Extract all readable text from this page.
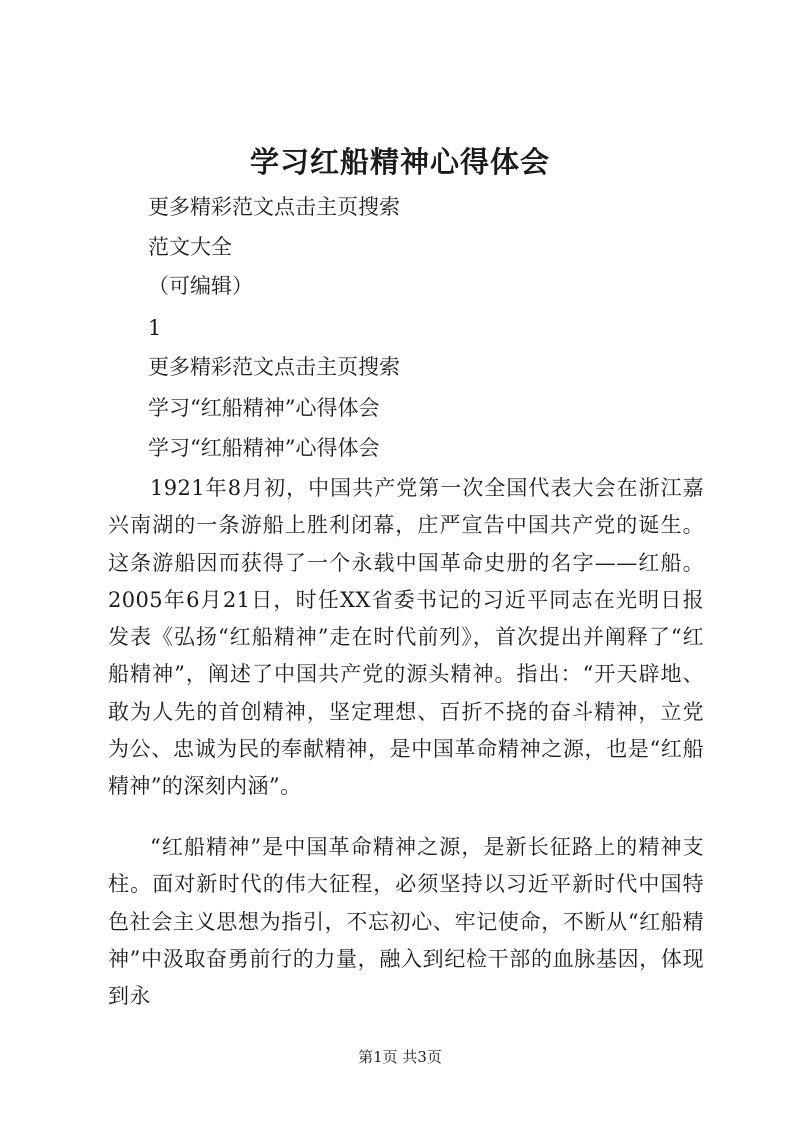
学习红船精神心得体会
更多精彩范文点击主页搜索
范文大全
（可编辑）
1
更多精彩范文点击主页搜索
学习“红船精神”心得体会
学习“红船精神”心得体会

1921年8月初，中国共产党第一次全国代表大会在浙江嘉兴南湖的一条游船上胜利闭幕，庄严宣告中国共产党的诞生。这条游船因而获得了一个永载中国革命史册的名字——红船。2005年6月21日，时任XX省委书记的习近平同志在光明日报发表《弘扬“红船精神”走在时代前列》，首次提出并阐释了“红船精神”，阐述了中国共产党的源头精神。指出：“开天辟地、敢为人先的首创精神，坚定理想、百折不挠的奋斗精神，立党为公、忠诚为民的奉献精神，是中国革命精神之源，也是“红船精神”的深刻内涵”。

“红船精神”是中国革命精神之源，是新长征路上的精神支柱。面对新时代的伟大征程，必须坚持以习近平新时代中国特色社会主义思想为指引，不忘初心、牢记使命，不断从“红船精神”中汲取奋勇前行的力量，融入到纪检干部的血脉基因，体现到永

第1页 共3页
